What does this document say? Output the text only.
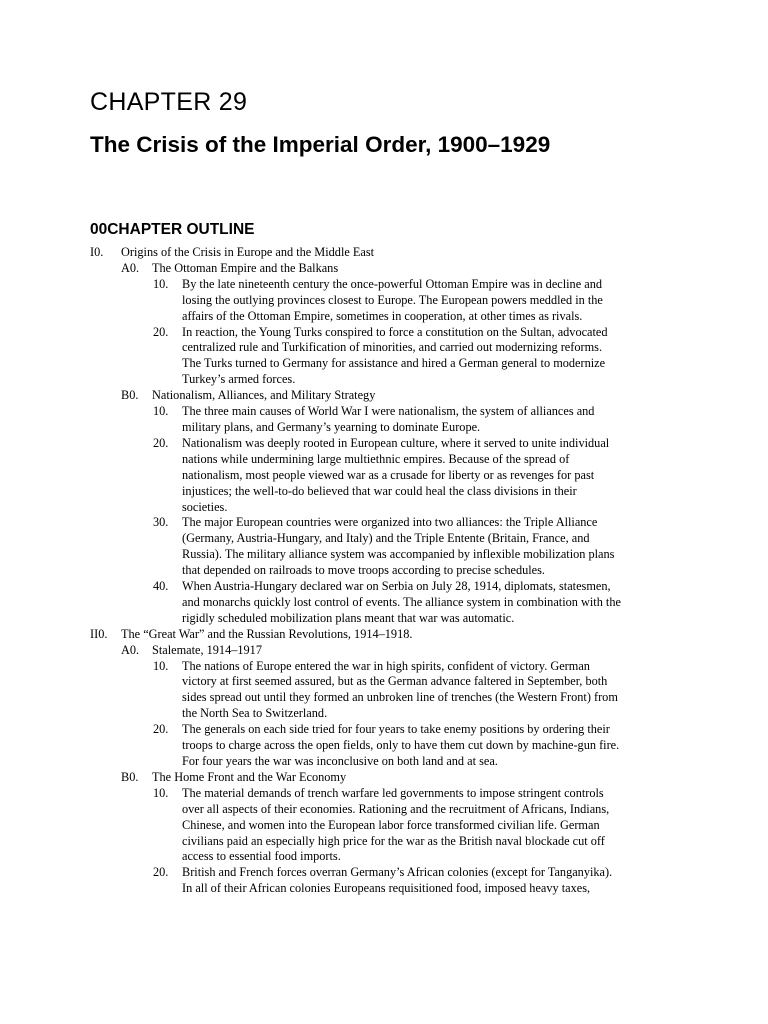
CHAPTER 29
The Crisis of the Imperial Order, 1900–1929
00CHAPTER OUTLINE
I0. Origins of the Crisis in Europe and the Middle East
A0. The Ottoman Empire and the Balkans
10. By the late nineteenth century the once-powerful Ottoman Empire was in decline and
losing the outlying provinces closest to Europe. The European powers meddled in the
affairs of the Ottoman Empire, sometimes in cooperation, at other times as rivals.
20. In reaction, the Young Turks conspired to force a constitution on the Sultan, advocated
centralized rule and Turkification of minorities, and carried out modernizing reforms.
The Turks turned to Germany for assistance and hired a German general to modernize
Turkey’s armed forces.
B0. Nationalism, Alliances, and Military Strategy
10. The three main causes of World War I were nationalism, the system of alliances and
military plans, and Germany’s yearning to dominate Europe.
20. Nationalism was deeply rooted in European culture, where it served to unite individual
nations while undermining large multiethnic empires. Because of the spread of
nationalism, most people viewed war as a crusade for liberty or as revenges for past
injustices; the well-to-do believed that war could heal the class divisions in their
societies.
30. The major European countries were organized into two alliances: the Triple Alliance
(Germany, Austria-Hungary, and Italy) and the Triple Entente (Britain, France, and
Russia). The military alliance system was accompanied by inflexible mobilization plans
that depended on railroads to move troops according to precise schedules.
40. When Austria-Hungary declared war on Serbia on July 28, 1914, diplomats, statesmen,
and monarchs quickly lost control of events. The alliance system in combination with the
rigidly scheduled mobilization plans meant that war was automatic.
II0. The “Great War” and the Russian Revolutions, 1914–1918.
A0. Stalemate, 1914–1917
10. The nations of Europe entered the war in high spirits, confident of victory. German
victory at first seemed assured, but as the German advance faltered in September, both
sides spread out until they formed an unbroken line of trenches (the Western Front) from
the North Sea to Switzerland.
20. The generals on each side tried for four years to take enemy positions by ordering their
troops to charge across the open fields, only to have them cut down by machine-gun fire.
For four years the war was inconclusive on both land and at sea.
B0. The Home Front and the War Economy
10. The material demands of trench warfare led governments to impose stringent controls
over all aspects of their economies. Rationing and the recruitment of Africans, Indians,
Chinese, and women into the European labor force transformed civilian life. German
civilians paid an especially high price for the war as the British naval blockade cut off
access to essential food imports.
20. British and French forces overran Germany’s African colonies (except for Tanganyika).
In all of their African colonies Europeans requisitioned food, imposed heavy taxes,
